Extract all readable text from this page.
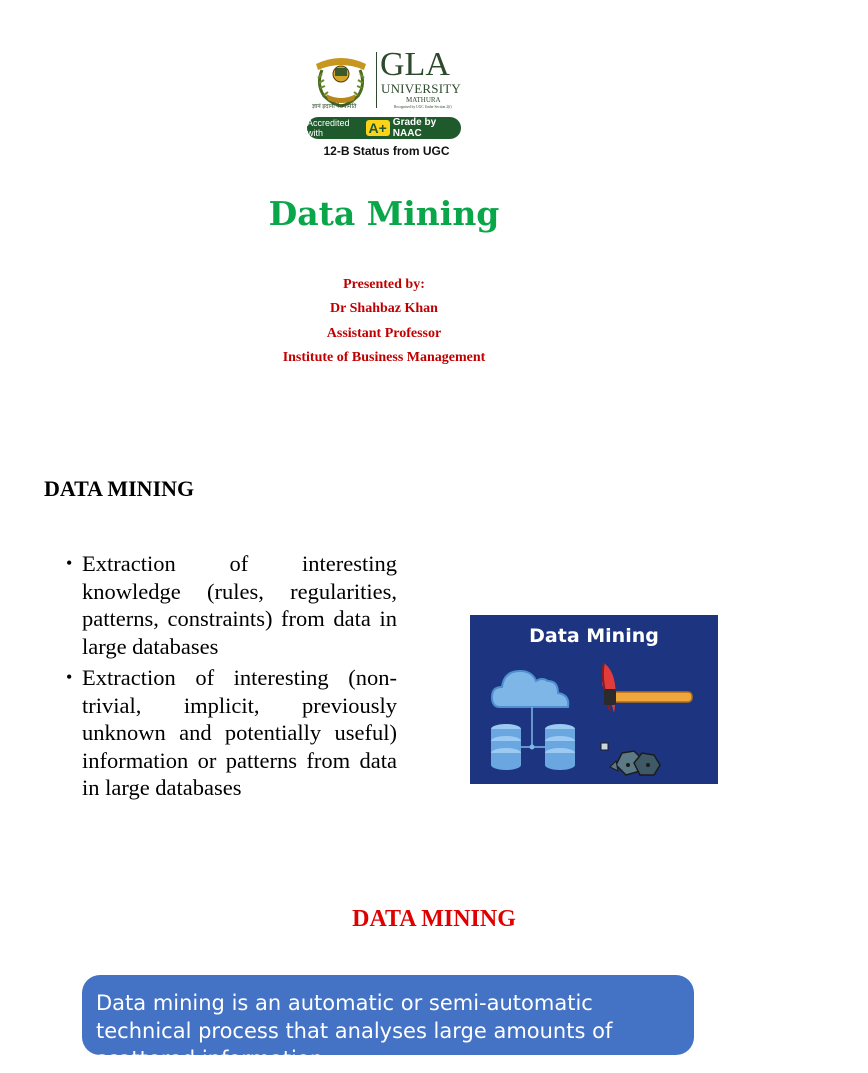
GLA
UNIVERSITY
MATHURA
Recognised by UGC Under Section 2(f)
ज्ञानं इदानी नैक्यमिति
Accredited with	A+ Grade by NAAC
12-B Status from UGC
Data Mining
Presented by:
Dr Shahbaz Khan
Assistant Professor
Institute of Business Management
DATA MINING
• Extraction of interesting knowledge (rules, regularities, patterns, constraints) from data in large databases
• Extraction of interesting (non-trivial, implicit, previously unknown and potentially useful) information or patterns from data in large databases
Data Mining
DATA MINING
Data mining is an automatic or semi-automatic technical process that analyses large amounts of scattered information
